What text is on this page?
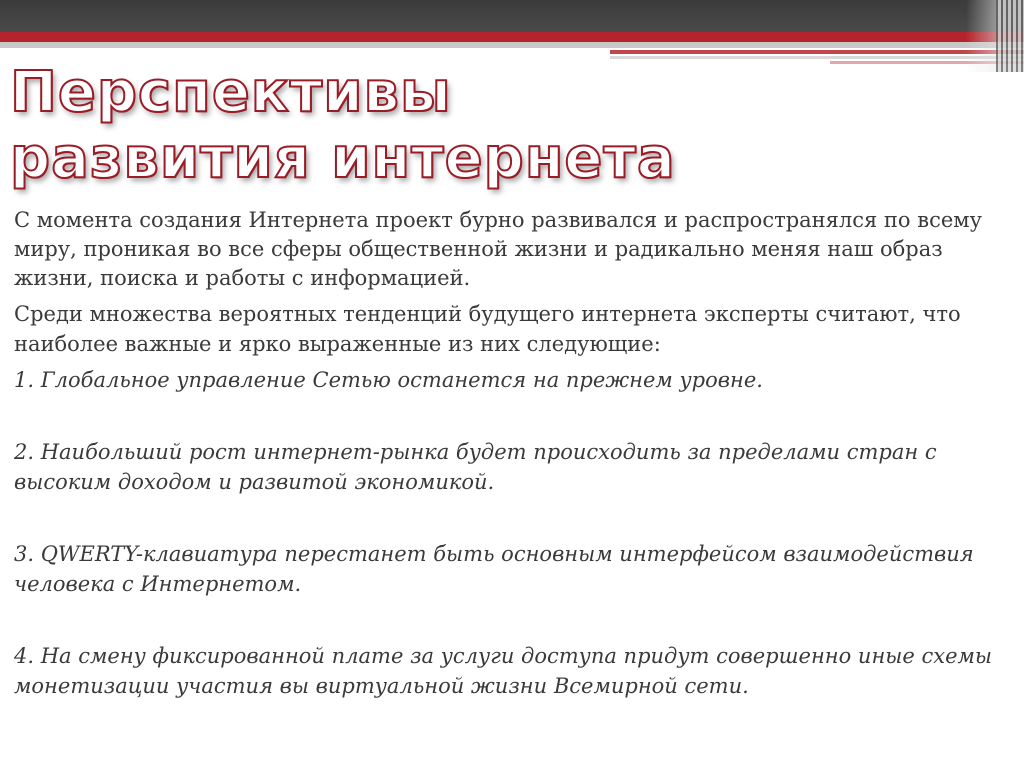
Перспективы развития интернета

С момента создания Интернета проект бурно развивался и распространялся по всему миру, проникая во все сферы общественной жизни и радикально меняя наш образ жизни, поиска и работы с информацией.

Среди множества вероятных тенденций будущего интернета эксперты считают, что наиболее важные и ярко выраженные из них следующие:

1. Глобальное управление Сетью останется на прежнем уровне.

2. Наибольший рост интернет-рынка будет происходить за пределами стран с высоким доходом и развитой экономикой.

3. QWERTY-клавиатура перестанет быть основным интерфейсом взаимодействия человека с Интернетом.

4. На смену фиксированной плате за услуги доступа придут совершенно иные схемы монетизации участия вы виртуальной жизни Всемирной сети.
